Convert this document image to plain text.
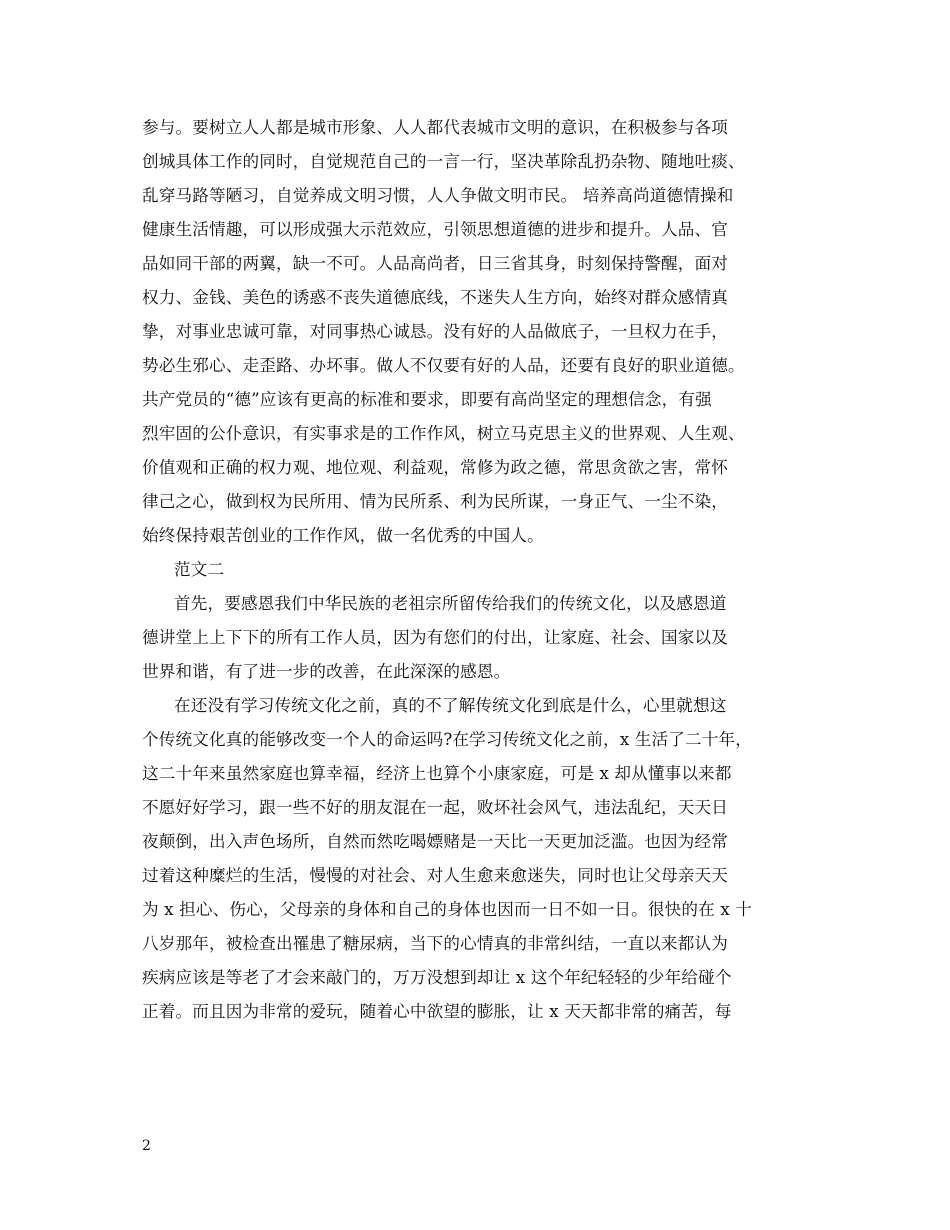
参与。要树立人人都是城市形象、人人都代表城市文明的意识，在积极参与各项
创城具体工作的同时，自觉规范自己的一言一行，坚决革除乱扔杂物、随地吐痰、
乱穿马路等陋习，自觉养成文明习惯，人人争做文明市民。 培养高尚道德情操和
健康生活情趣，可以形成强大示范效应，引领思想道德的进步和提升。人品、官
品如同干部的两翼，缺一不可。人品高尚者，日三省其身，时刻保持警醒，面对
权力、金钱、美色的诱惑不丧失道德底线，不迷失人生方向，始终对群众感情真
挚，对事业忠诚可靠，对同事热心诚恳。没有好的人品做底子，一旦权力在手，
势必生邪心、走歪路、办坏事。做人不仅要有好的人品，还要有良好的职业道德。
共产党员的“德”应该有更高的标准和要求，即要有高尚坚定的理想信念，有强
烈牢固的公仆意识，有实事求是的工作作风，树立马克思主义的世界观、人生观、
价值观和正确的权力观、地位观、利益观，常修为政之德，常思贪欲之害，常怀
律己之心，做到权为民所用、情为民所系、利为民所谋，一身正气、一尘不染，
始终保持艰苦创业的工作作风，做一名优秀的中国人。
范文二
首先，要感恩我们中华民族的老祖宗所留传给我们的传统文化，以及感恩道
德讲堂上上下下的所有工作人员，因为有您们的付出，让家庭、社会、国家以及
世界和谐，有了进一步的改善，在此深深的感恩。
在还没有学习传统文化之前，真的不了解传统文化到底是什么，心里就想这
个传统文化真的能够改变一个人的命运吗?在学习传统文化之前，x 生活了二十年，
这二十年来虽然家庭也算幸福，经济上也算个小康家庭，可是 x 却从懂事以来都
不愿好好学习，跟一些不好的朋友混在一起，败坏社会风气，违法乱纪，天天日
夜颠倒，出入声色场所，自然而然吃喝嫖赌是一天比一天更加泛滥。也因为经常
过着这种糜烂的生活，慢慢的对社会、对人生愈来愈迷失，同时也让父母亲天天
为 x 担心、伤心，父母亲的身体和自己的身体也因而一日不如一日。很快的在 x 十
八岁那年，被检查出罹患了糖尿病，当下的心情真的非常纠结，一直以来都认为
疾病应该是等老了才会来敲门的，万万没想到却让 x 这个年纪轻轻的少年给碰个
正着。而且因为非常的爱玩，随着心中欲望的膨胀，让 x 天天都非常的痛苦，每
2
